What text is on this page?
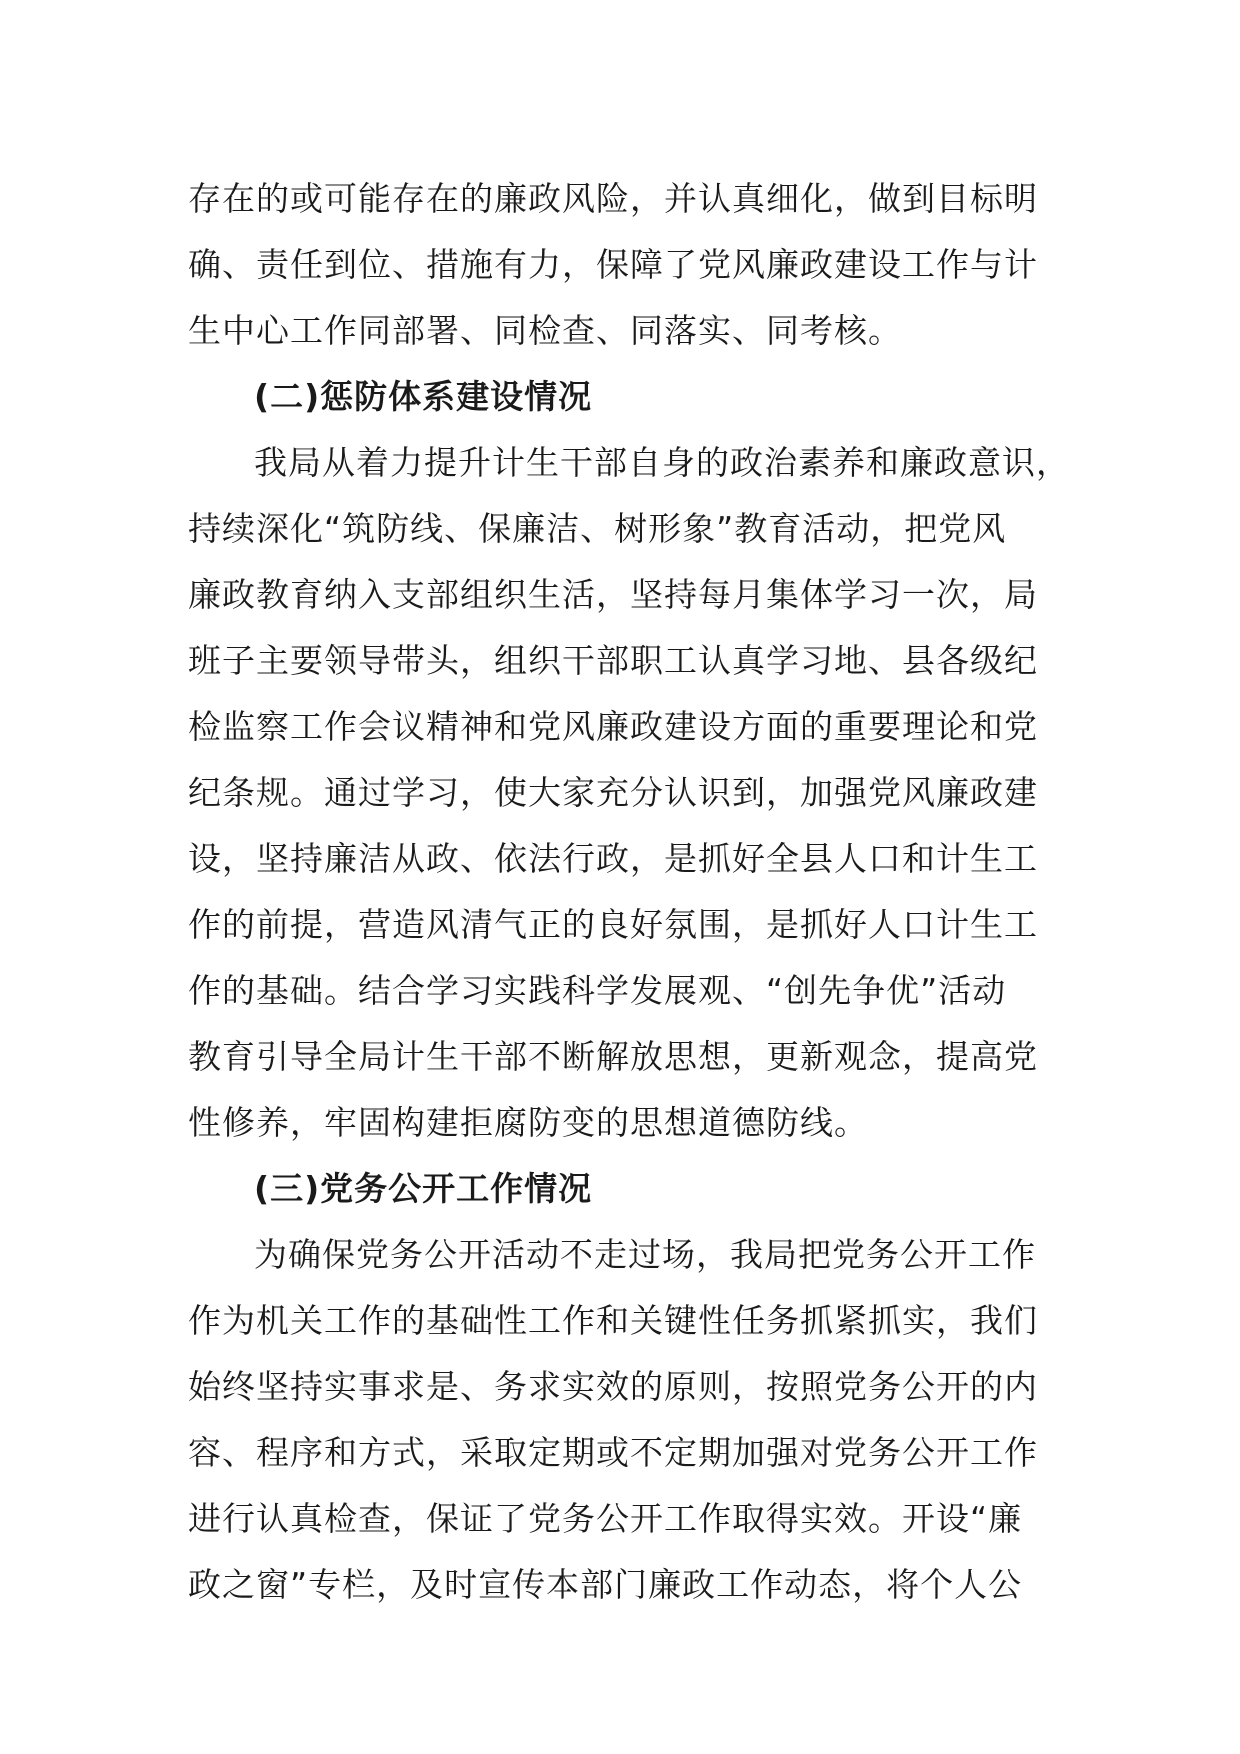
存在的或可能存在的廉政风险，并认真细化，做到目标明
确、责任到位、措施有力，保障了党风廉政建设工作与计
生中心工作同部署、同检查、同落实、同考核。
(二)惩防体系建设情况
我局从着力提升计生干部自身的政治素养和廉政意识，
持续深化“筑防线、保廉洁、树形象”教育活动，把党风
廉政教育纳入支部组织生活，坚持每月集体学习一次，局
班子主要领导带头，组织干部职工认真学习地、县各级纪
检监察工作会议精神和党风廉政建设方面的重要理论和党
纪条规。通过学习，使大家充分认识到，加强党风廉政建
设，坚持廉洁从政、依法行政，是抓好全县人口和计生工
作的前提，营造风清气正的良好氛围，是抓好人口计生工
作的基础。结合学习实践科学发展观、“创先争优”活动
教育引导全局计生干部不断解放思想，更新观念，提高党
性修养，牢固构建拒腐防变的思想道德防线。
(三)党务公开工作情况
为确保党务公开活动不走过场，我局把党务公开工作
作为机关工作的基础性工作和关键性任务抓紧抓实，我们
始终坚持实事求是、务求实效的原则，按照党务公开的内
容、程序和方式，采取定期或不定期加强对党务公开工作
进行认真检查，保证了党务公开工作取得实效。开设“廉
政之窗”专栏，及时宣传本部门廉政工作动态，将个人公
